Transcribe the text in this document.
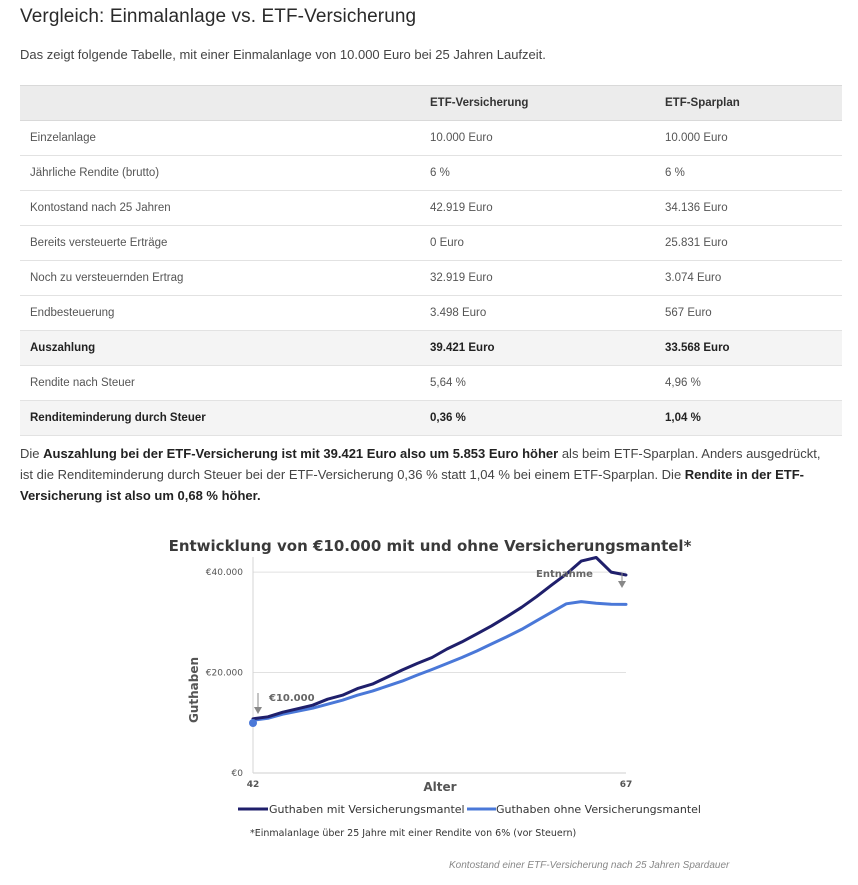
Vergleich: Einmalanlage vs. ETF-Versicherung

Das zeigt folgende Tabelle, mit einer Einmalanlage von 10.000 Euro bei 25 Jahren Laufzeit.

	ETF-Versicherung	ETF-Sparplan
Einzelanlage	10.000 Euro	10.000 Euro
Jährliche Rendite (brutto)	6 %	6 %
Kontostand nach 25 Jahren	42.919 Euro	34.136 Euro
Bereits versteuerte Erträge	0 Euro	25.831 Euro
Noch zu versteuernden Ertrag	32.919 Euro	3.074 Euro
Endbesteuerung	3.498 Euro	567 Euro
Auszahlung	39.421 Euro	33.568 Euro
Rendite nach Steuer	5,64 %	4,96 %
Renditeminderung durch Steuer	0,36 %	1,04 %

Die Auszahlung bei der ETF-Versicherung ist mit 39.421 Euro also um 5.853 Euro höher als beim ETF-Sparplan. Anders ausgedrückt, ist die Renditeminderung durch Steuer bei der ETF-Versicherung 0,36 % statt 1,04 % bei einem ETF-Sparplan. Die Rendite in der ETF-Versicherung ist also um 0,68 % höher.

Entwicklung von €10.000 mit und ohne Versicherungsmantel*
€0
€20.000
€40.000
42	67
Guthaben
Alter
€10.000
Entnahme
Guthaben mit Versicherungsmantel	Guthaben ohne Versicherungsmantel
*Einmalanlage über 25 Jahre mit einer Rendite von 6% (vor Steuern)

Kontostand einer ETF-Versicherung nach 25 Jahren Spardauer
